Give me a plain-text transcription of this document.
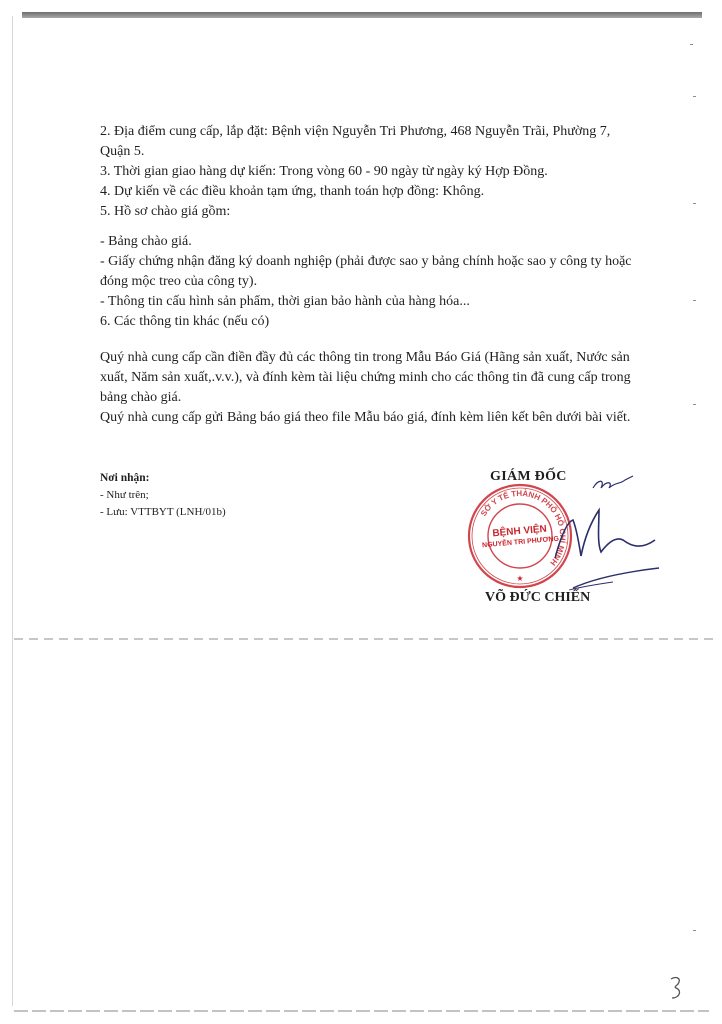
2. Địa điểm cung cấp, lắp đặt: Bệnh viện Nguyễn Tri Phương, 468 Nguyễn Trãi, Phường 7, Quận 5.

3. Thời gian giao hàng dự kiến: Trong vòng 60 - 90 ngày từ ngày ký Hợp Đồng.

4. Dự kiến về các điều khoản tạm ứng, thanh toán hợp đồng: Không.

5. Hồ sơ chào giá gồm:

- Bảng chào giá.

- Giấy chứng nhận đăng ký doanh nghiệp (phải được sao y bảng chính hoặc sao y công ty hoặc đóng mộc treo của công ty).

- Thông tin cấu hình sản phẩm, thời gian bảo hành của hàng hóa...

6. Các thông tin khác (nếu có)

Quý nhà cung cấp cần điền đầy đủ các thông tin trong Mẫu Báo Giá (Hãng sản xuất, Nước sản xuất, Năm sản xuất,.v.v.), và đính kèm tài liệu chứng minh cho các thông tin đã cung cấp trong bảng chào giá.

Quý nhà cung cấp gửi Bảng báo giá theo file Mẫu báo giá, đính kèm liên kết bên dưới bài viết.

Nơi nhận:
- Như trên;
- Lưu: VTTBYT (LNH/01b)
GIÁM ĐỐC
SỞ Y TẾ THÀNH PHỐ HỒ CHÍ MINH
★
BỆNH VIỆN
NGUYỄN TRI PHƯƠNG
VÕ ĐỨC CHIẾN
